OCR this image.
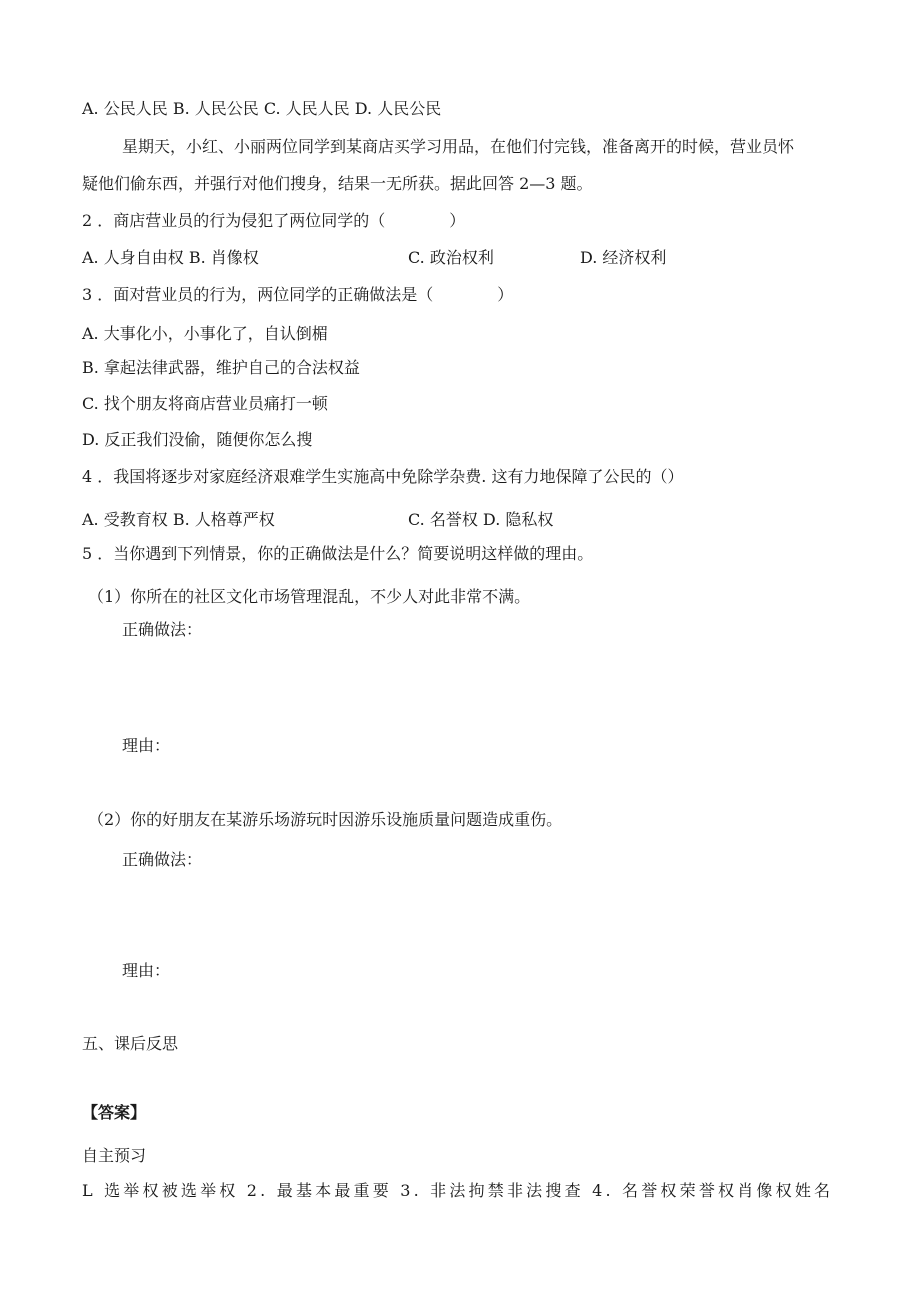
A. 公民人民 B. 人民公民 C. 人民人民 D. 人民公民
星期天，小红、小丽两位同学到某商店买学习用品，在他们付完钱，准备离开的时候，营业员怀
疑他们偷东西，并强行对他们搜身，结果一无所获。据此回答 2—3 题。
2 ．商店营业员的行为侵犯了两位同学的（　　　　）
A. 人身自由权 B. 肖像权	C. 政治权利	D. 经济权利
3 ．面对营业员的行为，两位同学的正确做法是（　　　　）
A. 大事化小，小事化了，自认倒楣
B. 拿起法律武器，维护自己的合法权益
C. 找个朋友将商店营业员痛打一顿
D. 反正我们没偷，随便你怎么搜
4 ．我国将逐步对家庭经济艰难学生实施高中免除学杂费. 这有力地保障了公民的（）
A. 受教育权 B. 人格尊严权	C. 名誉权 D. 隐私权
5 ．当你遇到下列情景，你的正确做法是什么？简要说明这样做的理由。
（1）你所在的社区文化市场管理混乱，不少人对此非常不满。
正确做法：
理由：
（2）你的好朋友在某游乐场游玩时因游乐设施质量问题造成重伤。
正确做法：
理由：
五、课后反思
【答案】
自主预习
L 选举权被选举权 2. 最基本最重要 3. 非法拘禁非法搜查 4. 名誉权荣誉权肖像权姓名
